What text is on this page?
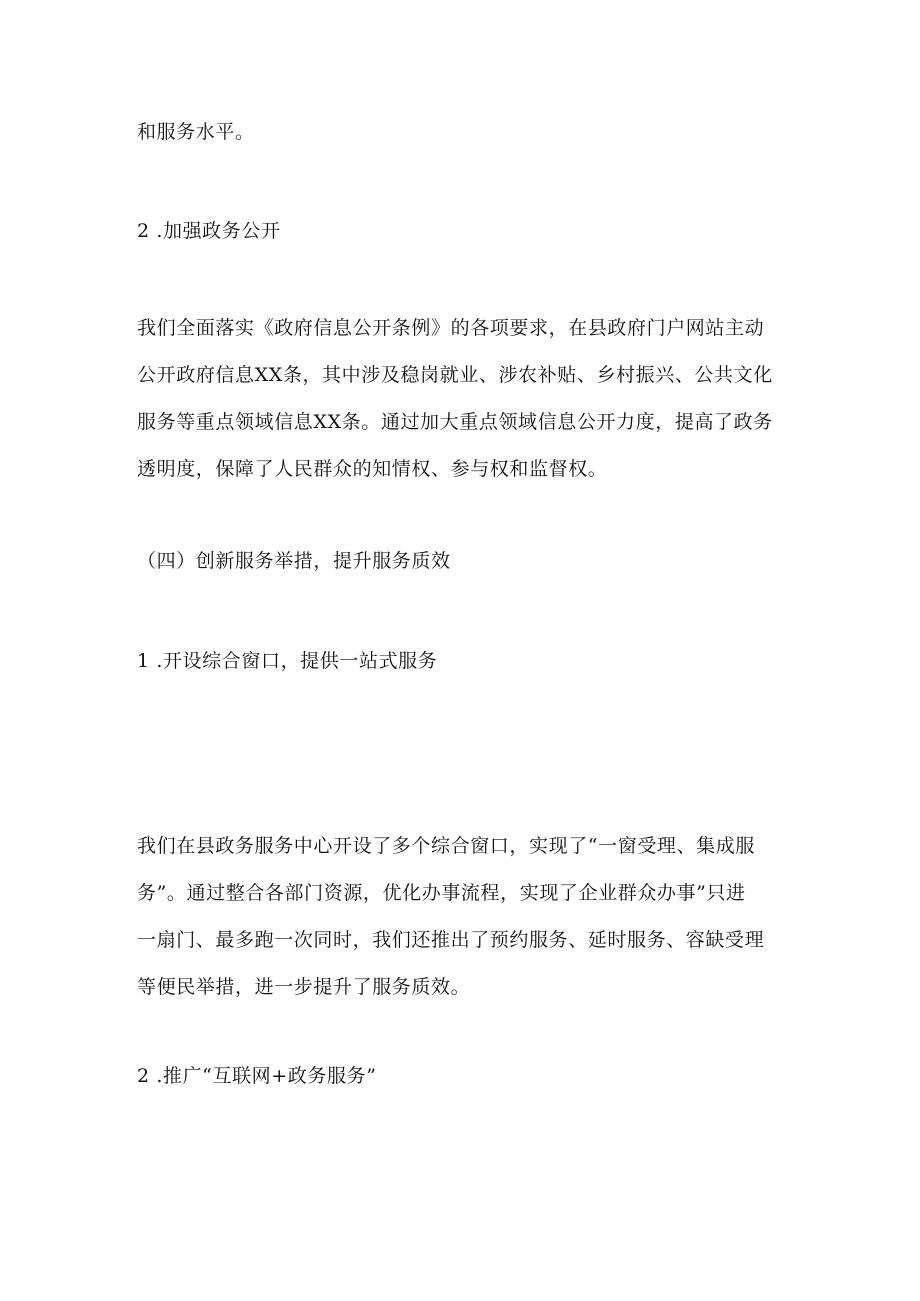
和服务水平。

2 .加强政务公开

我们全面落实《政府信息公开条例》的各项要求，在县政府门户网站主动
公开政府信息XX条，其中涉及稳岗就业、涉农补贴、乡村振兴、公共文化
服务等重点领域信息XX条。通过加大重点领域信息公开力度，提高了政务
透明度，保障了人民群众的知情权、参与权和监督权。

（四）创新服务举措，提升服务质效

1 .开设综合窗口，提供一站式服务

我们在县政务服务中心开设了多个综合窗口，实现了“一窗受理、集成服
务”。通过整合各部门资源，优化办事流程，实现了企业群众办事”只进
一扇门、最多跑一次同时，我们还推出了预约服务、延时服务、容缺受理
等便民举措，进一步提升了服务质效。

2 .推广“互联网+政务服务”
